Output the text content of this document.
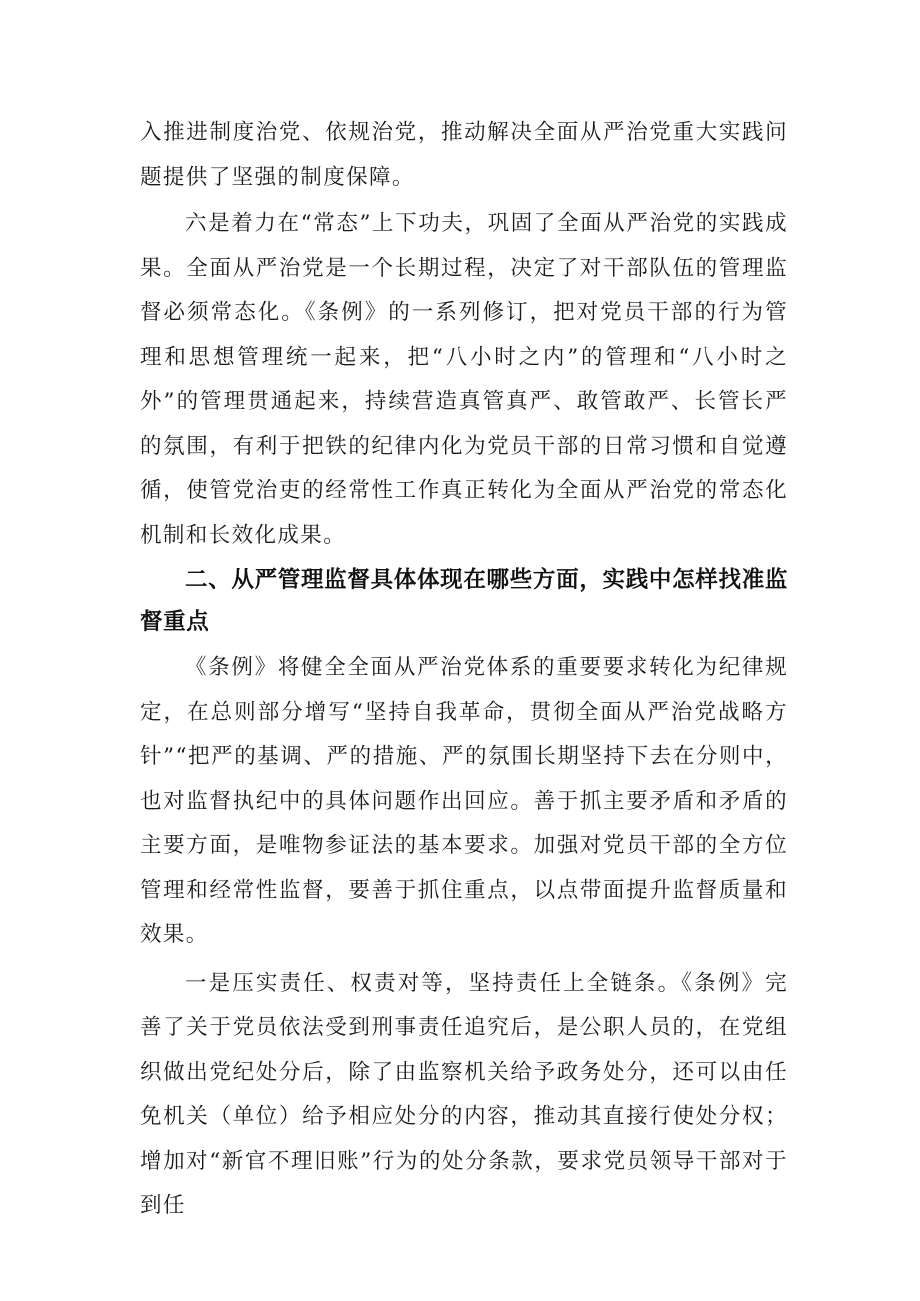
入推进制度治党、依规治党，推动解决全面从严治党重大实践问题提供了坚强的制度保障。

六是着力在“常态”上下功夫，巩固了全面从严治党的实践成果。全面从严治党是一个长期过程，决定了对干部队伍的管理监督必须常态化。《条例》的一系列修订，把对党员干部的行为管理和思想管理统一起来，把“八小时之内”的管理和“八小时之外”的管理贯通起来，持续营造真管真严、敢管敢严、长管长严的氛围，有利于把铁的纪律内化为党员干部的日常习惯和自觉遵循，使管党治吏的经常性工作真正转化为全面从严治党的常态化机制和长效化成果。

二、从严管理监督具体体现在哪些方面，实践中怎样找准监督重点

《条例》将健全全面从严治党体系的重要要求转化为纪律规定，在总则部分增写“坚持自我革命，贯彻全面从严治党战略方针”“把严的基调、严的措施、严的氛围长期坚持下去在分则中，也对监督执纪中的具体问题作出回应。善于抓主要矛盾和矛盾的主要方面，是唯物参证法的基本要求。加强对党员干部的全方位管理和经常性监督，要善于抓住重点，以点带面提升监督质量和效果。

一是压实责任、权责对等，坚持责任上全链条。《条例》完善了关于党员依法受到刑事责任追究后，是公职人员的，在党组织做出党纪处分后，除了由监察机关给予政务处分，还可以由任免机关（单位）给予相应处分的内容，推动其直接行使处分权；增加对“新官不理旧账”行为的处分条款，要求党员领导干部对于到任
